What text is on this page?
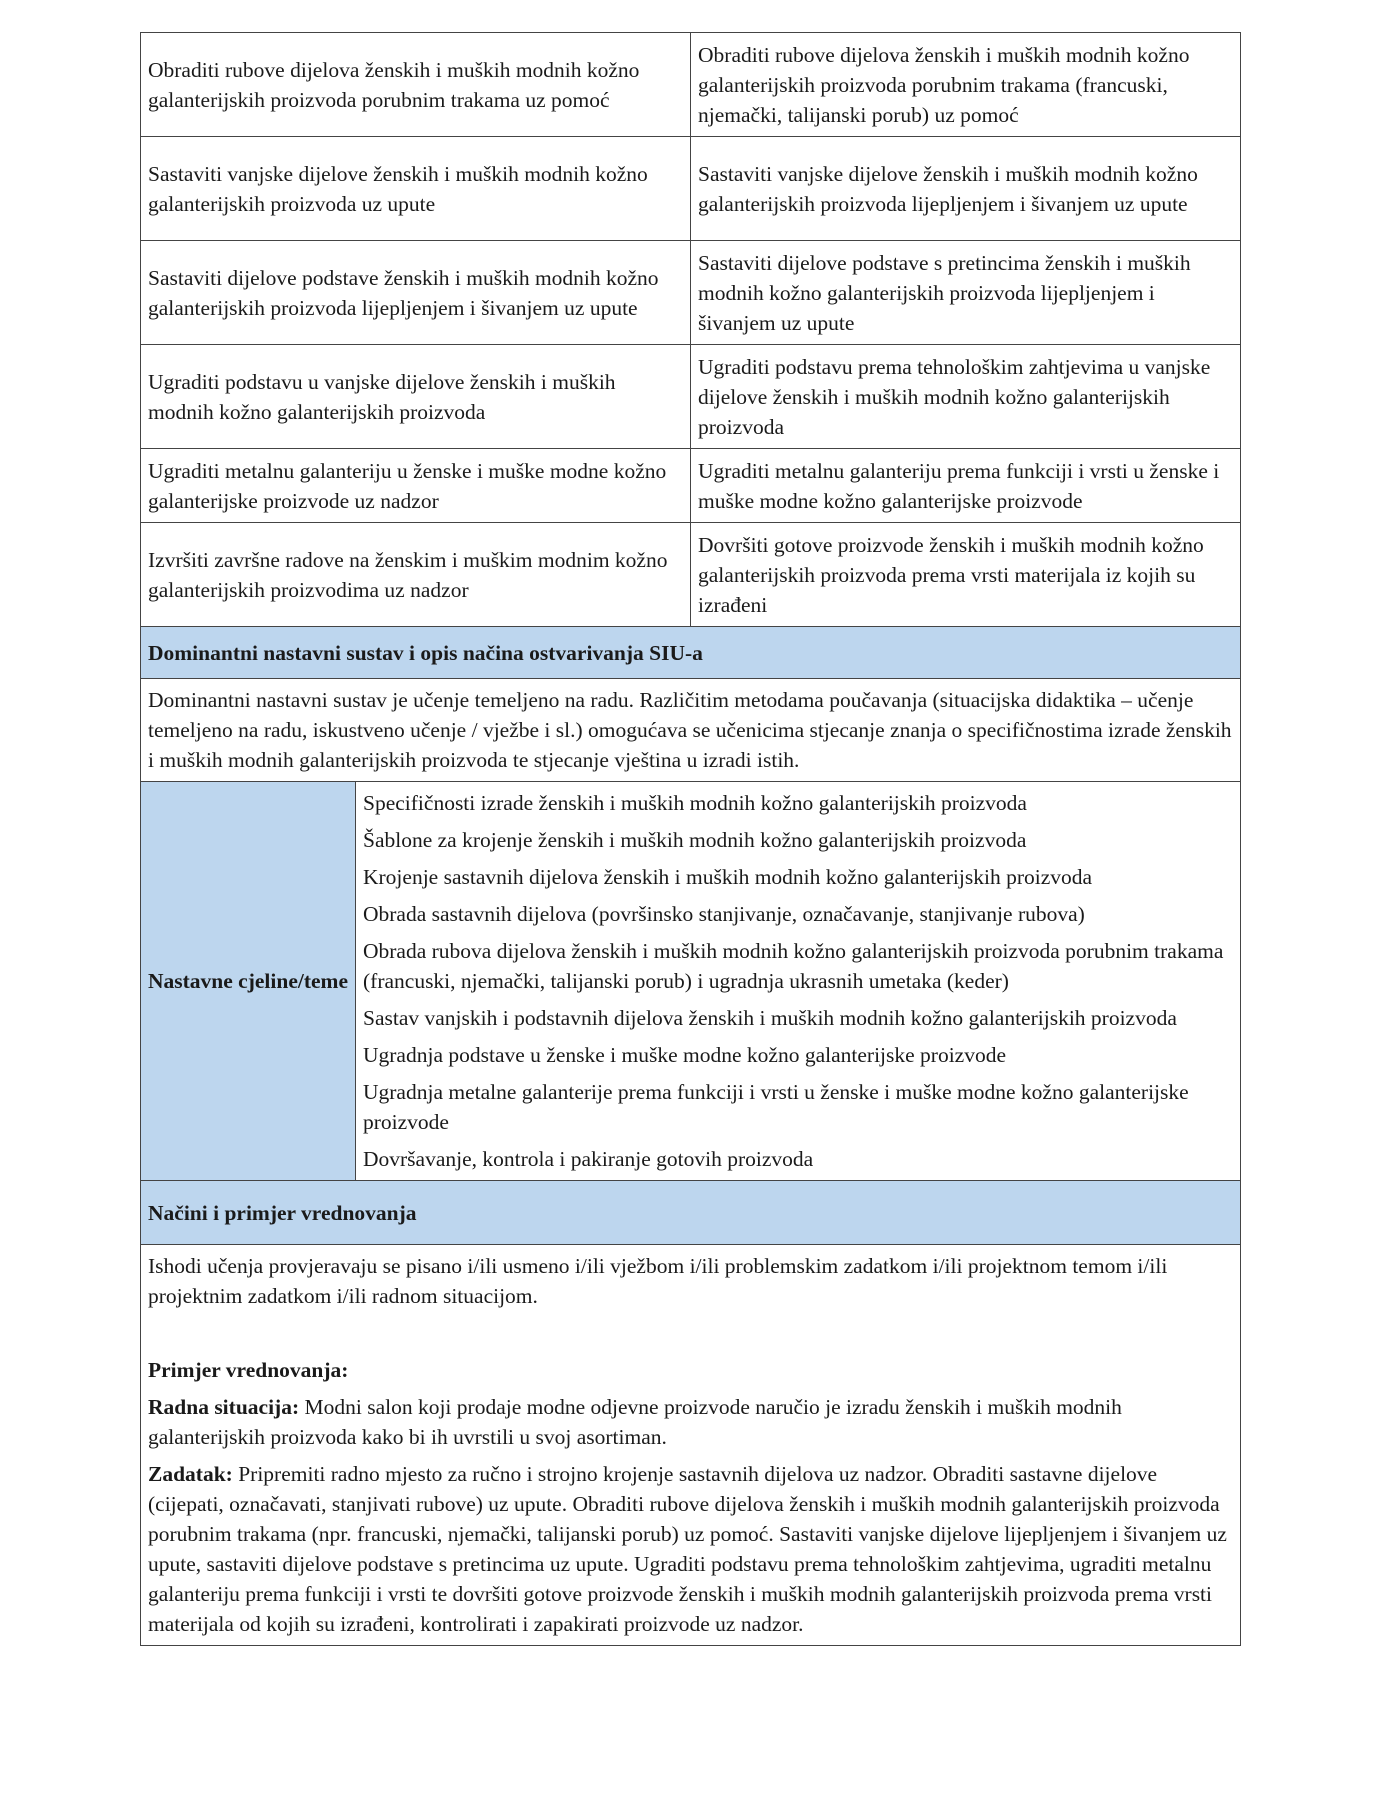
Obraditi rubove dijelova ženskih i muških modnih kožno galanterijskih proizvoda porubnim trakama uz pomoć		Obraditi rubove dijelova ženskih i muških modnih kožno galanterijskih proizvoda porubnim trakama (francuski, njemački, talijanski porub) uz pomoć
Sastaviti vanjske dijelove ženskih i muških modnih kožno galanterijskih proizvoda uz upute		Sastaviti vanjske dijelove ženskih i muških modnih kožno galanterijskih proizvoda lijepljenjem i šivanjem uz upute
Sastaviti dijelove podstave ženskih i muških modnih kožno galanterijskih proizvoda lijepljenjem i šivanjem uz upute		Sastaviti dijelove podstave s pretincima ženskih i muških modnih kožno galanterijskih proizvoda lijepljenjem i šivanjem uz upute
Ugraditi podstavu u vanjske dijelove ženskih i muških modnih kožno galanterijskih proizvoda		Ugraditi podstavu prema tehnološkim zahtjevima u vanjske dijelove ženskih i muških modnih kožno galanterijskih proizvoda
Ugraditi metalnu galanteriju u ženske i muške modne kožno galanterijske proizvode uz nadzor		Ugraditi metalnu galanteriju prema funkciji i vrsti u ženske i muške modne kožno galanterijske proizvode
Izvršiti završne radove na ženskim i muškim modnim kožno galanterijskih proizvodima uz nadzor		Dovršiti gotove proizvode ženskih i muških modnih kožno galanterijskih proizvoda prema vrsti materijala iz kojih su izrađeni
Dominantni nastavni sustav i opis načina ostvarivanja SIU-a		
Dominantni nastavni sustav je učenje temeljeno na radu. Različitim metodama poučavanja (situacijska didaktika – učenje temeljeno na radu, iskustveno učenje / vježbe i sl.) omogućava se učenicima stjecanje znanja o specifičnostima izrade ženskih i muških modnih galanterijskih proizvoda te stjecanje vještina u izradi istih.		
Nastavne cjeline/teme	
Specifičnosti izrade ženskih i muških modnih kožno galanterijskih proizvoda
Šablone za krojenje ženskih i muških modnih kožno galanterijskih proizvoda
Krojenje sastavnih dijelova ženskih i muških modnih kožno galanterijskih proizvoda
Obrada sastavnih dijelova (površinsko stanjivanje, označavanje, stanjivanje rubova)
Obrada rubova dijelova ženskih i muških modnih kožno galanterijskih proizvoda porubnim trakama (francuski, njemački, talijanski porub) i ugradnja ukrasnih umetaka (keder)
Sastav vanjskih i podstavnih dijelova ženskih i muških modnih kožno galanterijskih proizvoda
Ugradnja podstave u ženske i muške modne kožno galanterijske proizvode
Ugradnja metalne galanterije prema funkciji i vrsti u ženske i muške modne kožno galanterijske proizvode
Dovršavanje, kontrola i pakiranje gotovih proizvoda

Načini i primjer vrednovanja		

Ishodi učenja provjeravaju se pisano i/ili usmeno i/ili vježbom i/ili problemskim zadatkom i/ili projektnom temom i/ili projektnim zadatkom i/ili radnom situacijom.
Primjer vrednovanja:
Radna situacija: Modni salon koji prodaje modne odjevne proizvode naručio je izradu ženskih i muških modnih galanterijskih proizvoda kako bi ih uvrstili u svoj asortiman.
Zadatak: Pripremiti radno mjesto za ručno i strojno krojenje sastavnih dijelova uz nadzor. Obraditi sastavne dijelove (cijepati, označavati, stanjivati rubove) uz upute. Obraditi rubove dijelova ženskih i muških modnih galanterijskih proizvoda porubnim trakama (npr. francuski, njemački, talijanski porub) uz pomoć. Sastaviti vanjske dijelove lijepljenjem i šivanjem uz upute, sastaviti dijelove podstave s pretincima uz upute. Ugraditi podstavu prema tehnološkim zahtjevima, ugraditi metalnu galanteriju prema funkciji i vrsti te dovršiti gotove proizvode ženskih i muških modnih galanterijskih proizvoda prema vrsti materijala od kojih su izrađeni, kontrolirati i zapakirati proizvode uz nadzor.		
